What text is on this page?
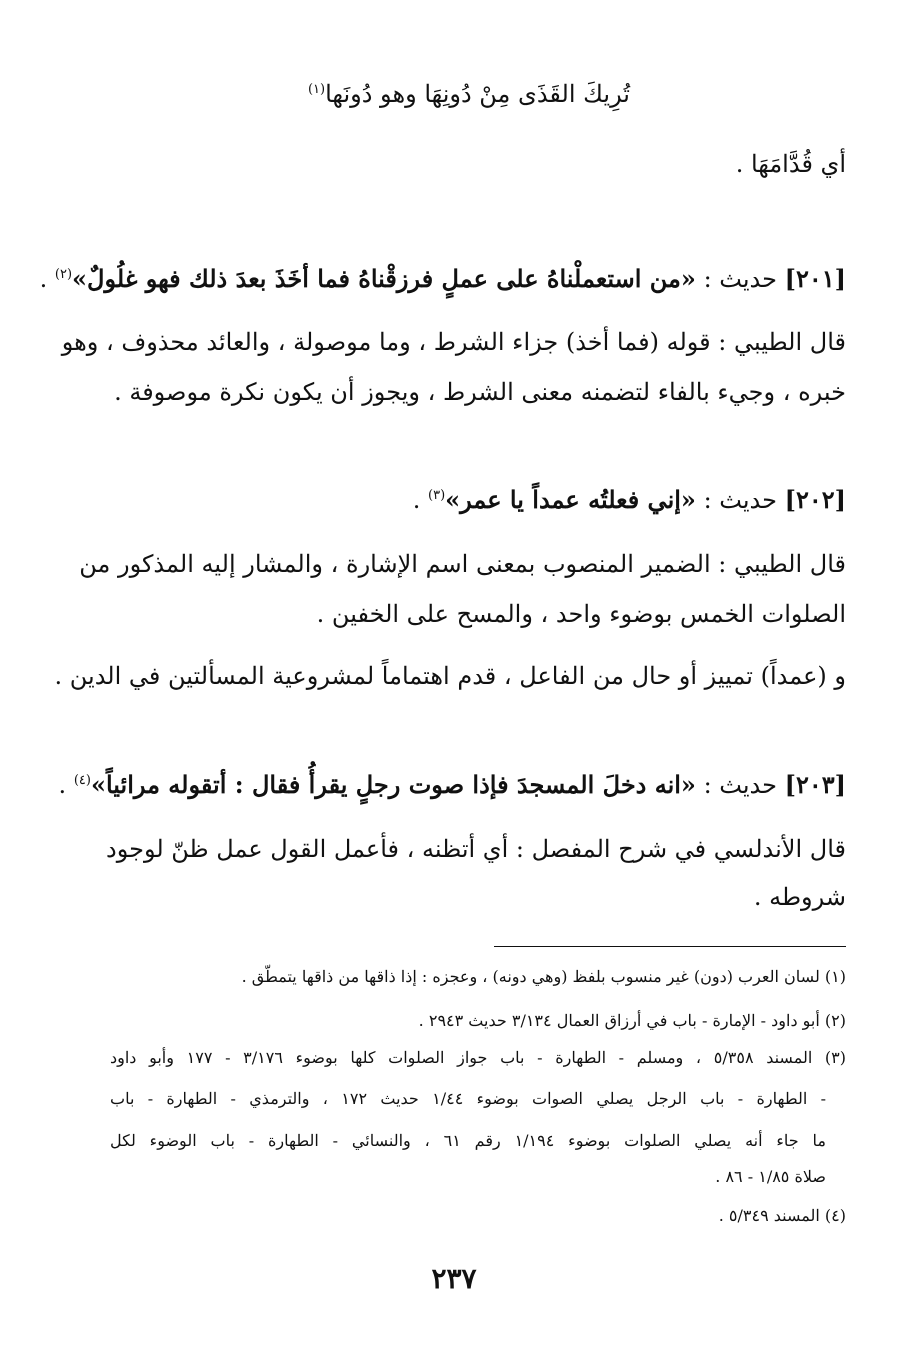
تُرِيكَ القَذَى مِنْ دُونِهَا وهو دُونَها$^{(١)}$
أي قُدَّامَهَا .
[٢٠١] حديث : «من استعملْناهُ على عملٍ فرزقْناهُ فما أخَذَ بعدَ ذلك فهو غلُولٌ»$^{(٢)}$ .
قال الطيبي : قوله (فما أخذ) جزاء الشرط ، وما موصولة ، والعائد محذوف ، وهو
خبره ، وجيء بالفاء لتضمنه معنى الشرط ، ويجوز أن يكون نكرة موصوفة .
[٢٠٢] حديث : «إني فعلتُه عمداً يا عمر»$^{(٣)}$ .
قال الطيبي : الضمير المنصوب بمعنى اسم الإشارة ، والمشار إليه المذكور من
الصلوات الخمس بوضوء واحد ، والمسح على الخفين .
و (عمداً) تمييز أو حال من الفاعل ، قدم اهتماماً لمشروعية المسألتين في الدين .
[٢٠٣] حديث : «انه دخلَ المسجدَ فإذا صوت رجلٍ يقرأُ فقال : أتقوله مرائياً»$^{(٤)}$ .
قال الأندلسي في شرح المفصل : أي أتظنه ، فأعمل القول عمل ظنّ لوجود
شروطه .
(١) لسان العرب (دون) غير منسوب بلفظ (وهي دونه) ، وعجزه : إذا ذاقها من ذاقها يتمطّق .
(٢) أبو داود - الإمارة - باب في أرزاق العمال ٣/١٣٤ حديث ٢٩٤٣ .
(٣) المسند ٥/٣٥٨ ، ومسلم - الطهارة - باب جواز الصلوات كلها بوضوء ٣/١٧٦ - ١٧٧ وأبو داود
- الطهارة - باب الرجل يصلي الصوات بوضوء ١/٤٤ حديث ١٧٢ ، والترمذي - الطهارة - باب
ما جاء أنه يصلي الصلوات بوضوء ١/١٩٤ رقم ٦١ ، والنسائي - الطهارة - باب الوضوء لكل
صلاة ١/٨٥ - ٨٦ .
(٤) المسند ٥/٣٤٩ .
٢٣٧
